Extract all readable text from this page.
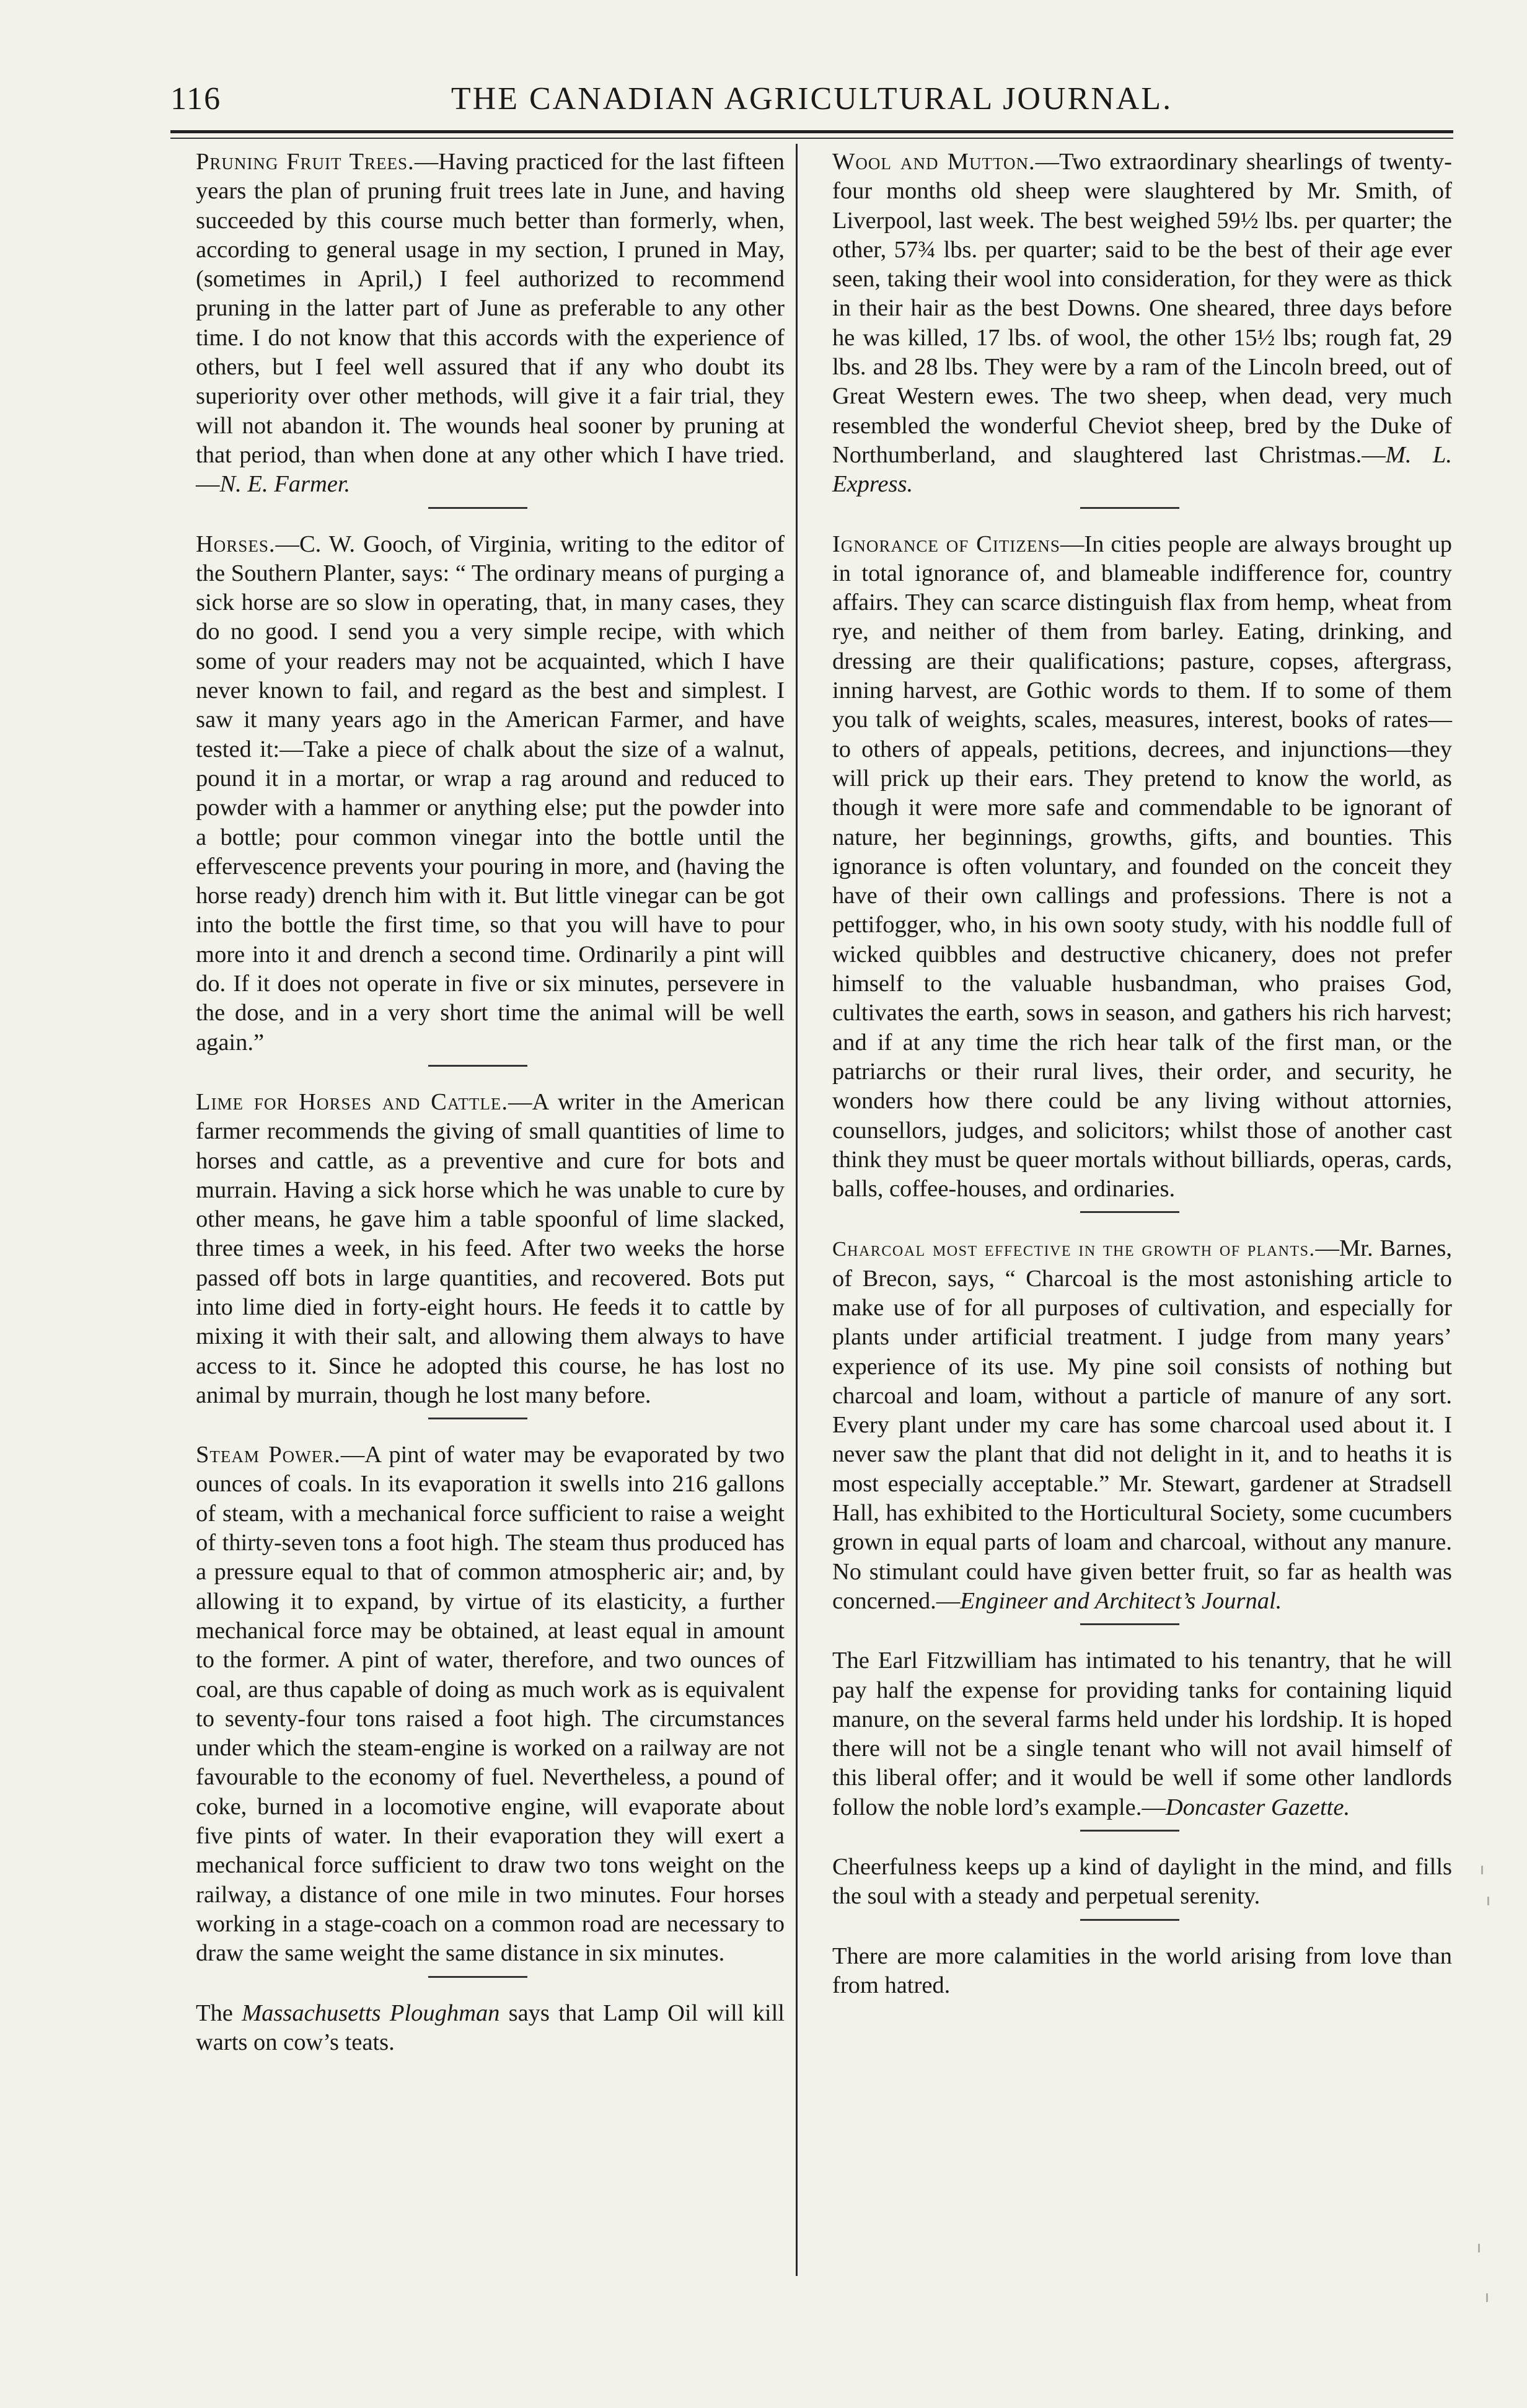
116	THE CANADIAN AGRICULTURAL JOURNAL.

Pruning Fruit Trees.—Having practiced for the last fifteen years the plan of pruning fruit trees late in June, and having succeeded by this course much better than formerly, when, according to general usage in my section, I pruned in May, (sometimes in April,) I feel authorized to recommend pruning in the latter part of June as preferable to any other time. I do not know that this accords with the experience of others, but I feel well assured that if any who doubt its superiority over other methods, will give it a fair trial, they will not abandon it. The wounds heal sooner by pruning at that period, than when done at any other which I have tried.—N. E. Farmer.

Horses.—C. W. Gooch, of Virginia, writing to the editor of the Southern Planter, says: “ The ordinary means of purging a sick horse are so slow in operating, that, in many cases, they do no good. I send you a very simple recipe, with which some of your readers may not be acquainted, which I have never known to fail, and regard as the best and simplest. I saw it many years ago in the American Farmer, and have tested it:—Take a piece of chalk about the size of a walnut, pound it in a mortar, or wrap a rag around and reduced to powder with a hammer or anything else; put the powder into a bottle; pour common vinegar into the bottle until the effervescence prevents your pouring in more, and (having the horse ready) drench him with it. But little vinegar can be got into the bottle the first time, so that you will have to pour more into it and drench a second time. Ordinarily a pint will do. If it does not operate in five or six minutes, persevere in the dose, and in a very short time the animal will be well again.”

Lime for Horses and Cattle.—A writer in the American farmer recommends the giving of small quantities of lime to horses and cattle, as a preventive and cure for bots and murrain. Having a sick horse which he was unable to cure by other means, he gave him a table spoonful of lime slacked, three times a week, in his feed. After two weeks the horse passed off bots in large quantities, and recovered. Bots put into lime died in forty-eight hours. He feeds it to cattle by mixing it with their salt, and allowing them always to have access to it. Since he adopted this course, he has lost no animal by murrain, though he lost many before.

Steam Power.—A pint of water may be evaporated by two ounces of coals. In its evaporation it swells into 216 gallons of steam, with a mechanical force sufficient to raise a weight of thirty-seven tons a foot high. The steam thus produced has a pressure equal to that of common atmospheric air; and, by allowing it to expand, by virtue of its elasticity, a further mechanical force may be obtained, at least equal in amount to the former. A pint of water, therefore, and two ounces of coal, are thus capable of doing as much work as is equivalent to seventy-four tons raised a foot high. The circumstances under which the steam-engine is worked on a railway are not favourable to the economy of fuel. Nevertheless, a pound of coke, burned in a locomotive engine, will evaporate about five pints of water. In their evaporation they will exert a mechanical force sufficient to draw two tons weight on the railway, a distance of one mile in two minutes. Four horses working in a stage-coach on a common road are necessary to draw the same weight the same distance in six minutes.

The Massachusetts Ploughman says that Lamp Oil will kill warts on cow’s teats.

Wool and Mutton.—Two extraordinary shearlings of twenty-four months old sheep were slaughtered by Mr. Smith, of Liverpool, last week. The best weighed 59½ lbs. per quarter; the other, 57¾ lbs. per quarter; said to be the best of their age ever seen, taking their wool into consideration, for they were as thick in their hair as the best Downs. One sheared, three days before he was killed, 17 lbs. of wool, the other 15½ lbs; rough fat, 29 lbs. and 28 lbs. They were by a ram of the Lincoln breed, out of Great Western ewes. The two sheep, when dead, very much resembled the wonderful Cheviot sheep, bred by the Duke of Northumberland, and slaughtered last Christmas.—M. L. Express.

Ignorance of Citizens—In cities people are always brought up in total ignorance of, and blameable indifference for, country affairs. They can scarce distinguish flax from hemp, wheat from rye, and neither of them from barley. Eating, drinking, and dressing are their qualifications; pasture, copses, aftergrass, inning harvest, are Gothic words to them. If to some of them you talk of weights, scales, measures, interest, books of rates—to others of appeals, petitions, decrees, and injunctions—they will prick up their ears. They pretend to know the world, as though it were more safe and commendable to be ignorant of nature, her beginnings, growths, gifts, and bounties. This ignorance is often voluntary, and founded on the conceit they have of their own callings and professions. There is not a pettifogger, who, in his own sooty study, with his noddle full of wicked quibbles and destructive chicanery, does not prefer himself to the valuable husbandman, who praises God, cultivates the earth, sows in season, and gathers his rich harvest; and if at any time the rich hear talk of the first man, or the patriarchs or their rural lives, their order, and security, he wonders how there could be any living without attornies, counsellors, judges, and solicitors; whilst those of another cast think they must be queer mortals without billiards, operas, cards, balls, coffee-houses, and ordinaries.

Charcoal most effective in the growth of plants.—Mr. Barnes, of Brecon, says, “ Charcoal is the most astonishing article to make use of for all purposes of cultivation, and especially for plants under artificial treatment. I judge from many years’ experience of its use. My pine soil consists of nothing but charcoal and loam, without a particle of manure of any sort. Every plant under my care has some charcoal used about it. I never saw the plant that did not delight in it, and to heaths it is most especially acceptable.” Mr. Stewart, gardener at Stradsell Hall, has exhibited to the Horticultural Society, some cucumbers grown in equal parts of loam and charcoal, without any manure. No stimulant could have given better fruit, so far as health was concerned.—Engineer and Architect’s Journal.

The Earl Fitzwilliam has intimated to his tenantry, that he will pay half the expense for providing tanks for containing liquid manure, on the several farms held under his lordship. It is hoped there will not be a single tenant who will not avail himself of this liberal offer; and it would be well if some other landlords follow the noble lord’s example.—Doncaster Gazette.

Cheerfulness keeps up a kind of daylight in the mind, and fills the soul with a steady and perpetual serenity.

There are more calamities in the world arising from love than from hatred.
